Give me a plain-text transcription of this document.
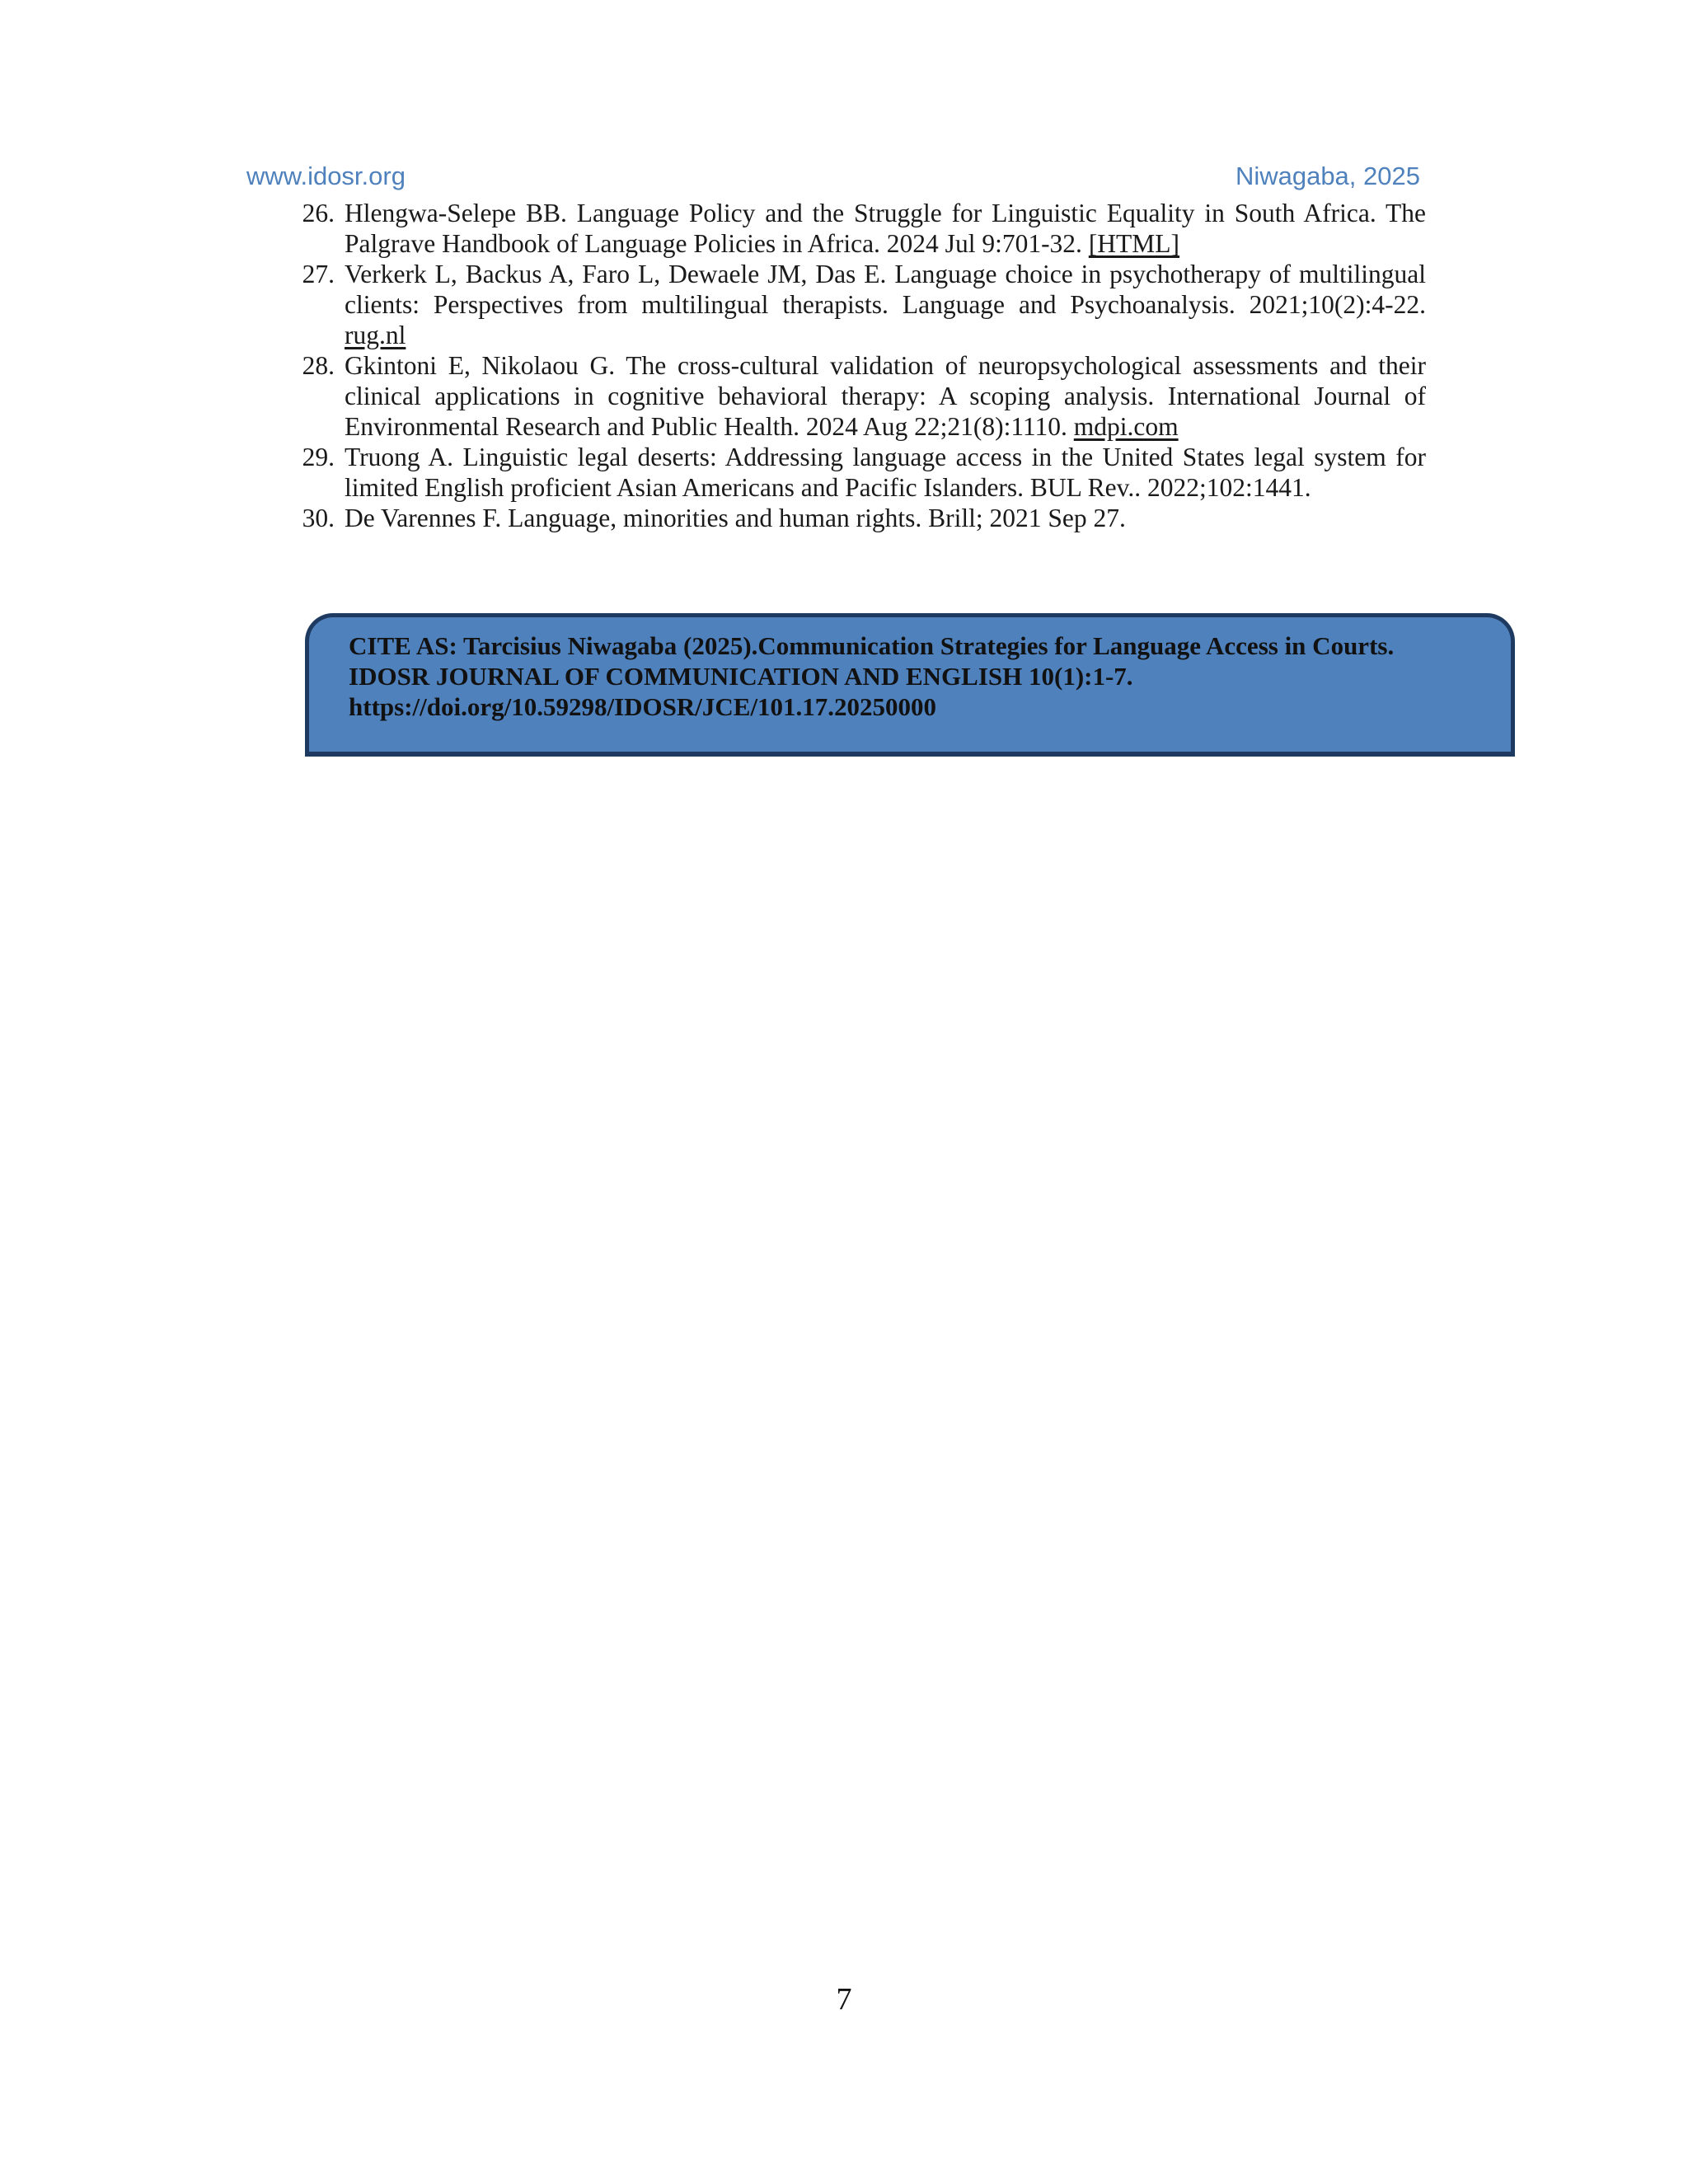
www.idosr.org	Niwagaba, 2025
26. Hlengwa-Selepe BB. Language Policy and the Struggle for Linguistic Equality in South Africa. The Palgrave Handbook of Language Policies in Africa. 2024 Jul 9:701-32. [HTML]
27. Verkerk L, Backus A, Faro L, Dewaele JM, Das E. Language choice in psychotherapy of multilingual clients: Perspectives from multilingual therapists. Language and Psychoanalysis. 2021;10(2):4-22. rug.nl
28. Gkintoni E, Nikolaou G. The cross-cultural validation of neuropsychological assessments and their clinical applications in cognitive behavioral therapy: A scoping analysis. International Journal of Environmental Research and Public Health. 2024 Aug 22;21(8):1110. mdpi.com
29. Truong A. Linguistic legal deserts: Addressing language access in the United States legal system for limited English proficient Asian Americans and Pacific Islanders. BUL Rev.. 2022;102:1441.
30. De Varennes F. Language, minorities and human rights. Brill; 2021 Sep 27.
CITE AS: Tarcisius Niwagaba (2025).Communication Strategies for Language Access in Courts.
IDOSR JOURNAL OF COMMUNICATION AND ENGLISH 10(1):1-7.
https://doi.org/10.59298/IDOSR/JCE/101.17.20250000
7
